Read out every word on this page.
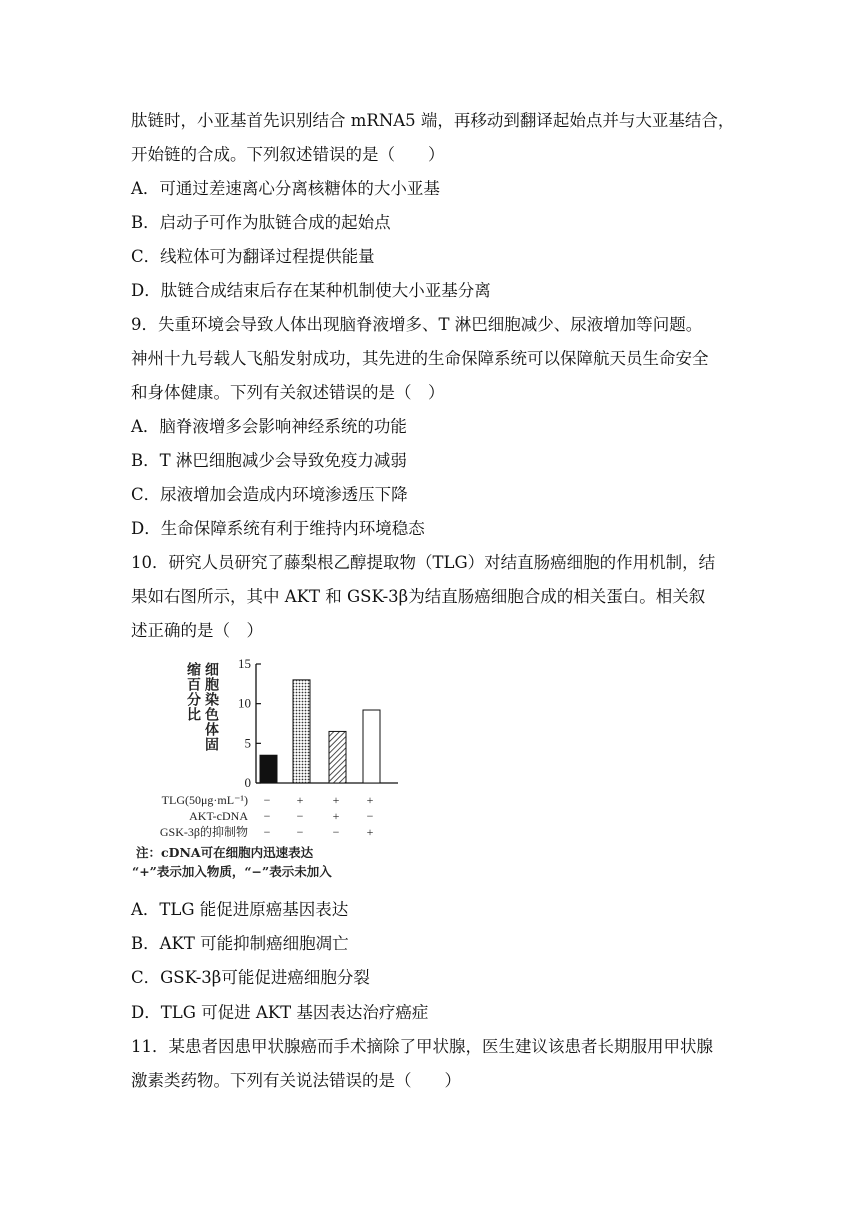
肽链时，小亚基首先识别结合 mRNA5 端，再移动到翻译起始点并与大亚基结合，
开始链的合成。下列叙述错误的是（　　）
A．可通过差速离心分离核糖体的大小亚基
B．启动子可作为肽链合成的起始点
C．线粒体可为翻译过程提供能量
D．肽链合成结束后存在某种机制使大小亚基分离
9．失重环境会导致人体出现脑脊液增多、T 淋巴细胞减少、尿液增加等问题。
神州十九号载人飞船发射成功，其先进的生命保障系统可以保障航天员生命安全
和身体健康。下列有关叙述错误的是（　）
A．脑脊液增多会影响神经系统的功能
B．T 淋巴细胞减少会导致免疫力减弱
C．尿液增加会造成内环境渗透压下降
D．生命保障系统有利于维持内环境稳态
10．研究人员研究了藤梨根乙醇提取物（TLG）对结直肠癌细胞的作用机制，结
果如右图所示，其中 AKT 和 GSK-3β为结直肠癌细胞合成的相关蛋白。相关叙
述正确的是（　）
0
5
10
15
细胞染色体固缩百分比
TLG(50μg·mL⁻¹)	−	+	+	+
AKT-cDNA	−	−	+	−
GSK-3β的抑制物	−	−	−	+
注：cDNA可在细胞内迅速表达
“+”表示加入物质，“−”表示未加入
A．TLG 能促进原癌基因表达
B．AKT 可能抑制癌细胞凋亡
C．GSK-3β可能促进癌细胞分裂
D．TLG 可促进 AKT 基因表达治疗癌症
11．某患者因患甲状腺癌而手术摘除了甲状腺，医生建议该患者长期服用甲状腺
激素类药物。下列有关说法错误的是（　　）
